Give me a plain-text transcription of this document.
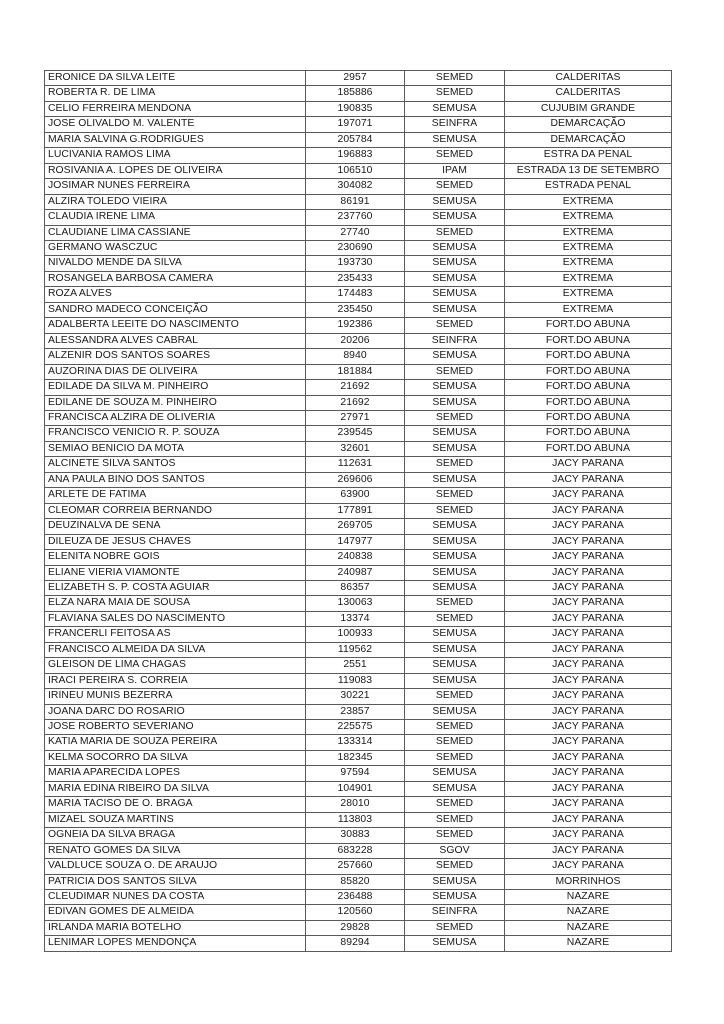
ERONICE DA SILVA LEITE	2957	SEMED	CALDERITAS
ROBERTA R. DE LIMA	185886	SEMED	CALDERITAS
CELIO FERREIRA MENDONA	190835	SEMUSA	CUJUBIM GRANDE
JOSE OLIVALDO M. VALENTE	197071	SEINFRA	DEMARCAÇÃO
MARIA SALVINA G.RODRIGUES	205784	SEMUSA	DEMARCAÇÃO
LUCIVANIA RAMOS LIMA	196883	SEMED	ESTRA DA PENAL
ROSIVANIA A. LOPES DE OLIVEIRA	106510	IPAM	ESTRADA 13 DE SETEMBRO
JOSIMAR NUNES FERREIRA	304082	SEMED	ESTRADA PENAL
ALZIRA TOLEDO VIEIRA	86191	SEMUSA	EXTREMA
CLAUDIA IRENE LIMA	237760	SEMUSA	EXTREMA
CLAUDIANE LIMA CASSIANE	27740	SEMED	EXTREMA
GERMANO WASCZUC	230690	SEMUSA	EXTREMA
NIVALDO MENDE DA SILVA	193730	SEMUSA	EXTREMA
ROSANGELA BARBOSA CAMERA	235433	SEMUSA	EXTREMA
ROZA ALVES	174483	SEMUSA	EXTREMA
SANDRO MADECO CONCEIÇÃO	235450	SEMUSA	EXTREMA
ADALBERTA LEEITE DO NASCIMENTO	192386	SEMED	FORT.DO ABUNA
ALESSANDRA ALVES CABRAL	20206	SEINFRA	FORT.DO ABUNA
ALZENIR DOS SANTOS SOARES	8940	SEMUSA	FORT.DO ABUNA
AUZORINA DIAS DE OLIVEIRA	181884	SEMED	FORT.DO ABUNA
EDILADE DA SILVA M. PINHEIRO	21692	SEMUSA	FORT.DO ABUNA
EDILANE DE SOUZA M. PINHEIRO	21692	SEMUSA	FORT.DO ABUNA
FRANCISCA ALZIRA DE OLIVERIA	27971	SEMED	FORT.DO ABUNA
FRANCISCO VENICIO R. P. SOUZA	239545	SEMUSA	FORT.DO ABUNA
SEMIAO BENICIO DA MOTA	32601	SEMUSA	FORT.DO ABUNA
ALCINETE SILVA SANTOS	112631	SEMED	JACY PARANA
ANA PAULA BINO DOS SANTOS	269606	SEMUSA	JACY PARANA
ARLETE DE FATIMA	63900	SEMED	JACY PARANA
CLEOMAR CORREIA BERNANDO	177891	SEMED	JACY PARANA
DEUZINALVA DE SENA	269705	SEMUSA	JACY PARANA
DILEUZA DE JESUS CHAVES	147977	SEMUSA	JACY PARANA
ELENITA NOBRE GOIS	240838	SEMUSA	JACY PARANA
ELIANE VIERIA VIAMONTE	240987	SEMUSA	JACY PARANA
ELIZABETH S. P. COSTA AGUIAR	86357	SEMUSA	JACY PARANA
ELZA NARA MAIA DE SOUSA	130063	SEMED	JACY PARANA
FLAVIANA SALES DO NASCIMENTO	13374	SEMED	JACY PARANA
FRANCERLI FEITOSA AS	100933	SEMUSA	JACY PARANA
FRANCISCO ALMEIDA DA SILVA	119562	SEMUSA	JACY PARANA
GLEISON DE LIMA CHAGAS	2551	SEMUSA	JACY PARANA
IRACI PEREIRA S. CORREIA	119083	SEMUSA	JACY PARANA
IRINEU MUNIS BEZERRA	30221	SEMED	JACY PARANA
JOANA DARC DO ROSARIO	23857	SEMUSA	JACY PARANA
JOSE ROBERTO SEVERIANO	225575	SEMED	JACY PARANA
KATIA MARIA DE SOUZA PEREIRA	133314	SEMED	JACY PARANA
KELMA SOCORRO DA SILVA	182345	SEMED	JACY PARANA
MARIA APARECIDA LOPES	97594	SEMUSA	JACY PARANA
MARIA EDINA RIBEIRO DA SILVA	104901	SEMUSA	JACY PARANA
MARIA TACISO DE O. BRAGA	28010	SEMED	JACY PARANA
MIZAEL SOUZA MARTINS	113803	SEMED	JACY PARANA
OGNEIA DA SILVA BRAGA	30883	SEMED	JACY PARANA
RENATO GOMES DA SILVA	683228	SGOV	JACY PARANA
VALDLUCE SOUZA O. DE ARAUJO	257660	SEMED	JACY PARANA
PATRICIA DOS SANTOS SILVA	85820	SEMUSA	MORRINHOS
CLEUDIMAR NUNES DA COSTA	236488	SEMUSA	NAZARE
EDIVAN GOMES DE ALMEIDA	120560	SEINFRA	NAZARE
IRLANDA MARIA BOTELHO	29828	SEMED	NAZARE
LENIMAR LOPES MENDONÇA	89294	SEMUSA	NAZARE
